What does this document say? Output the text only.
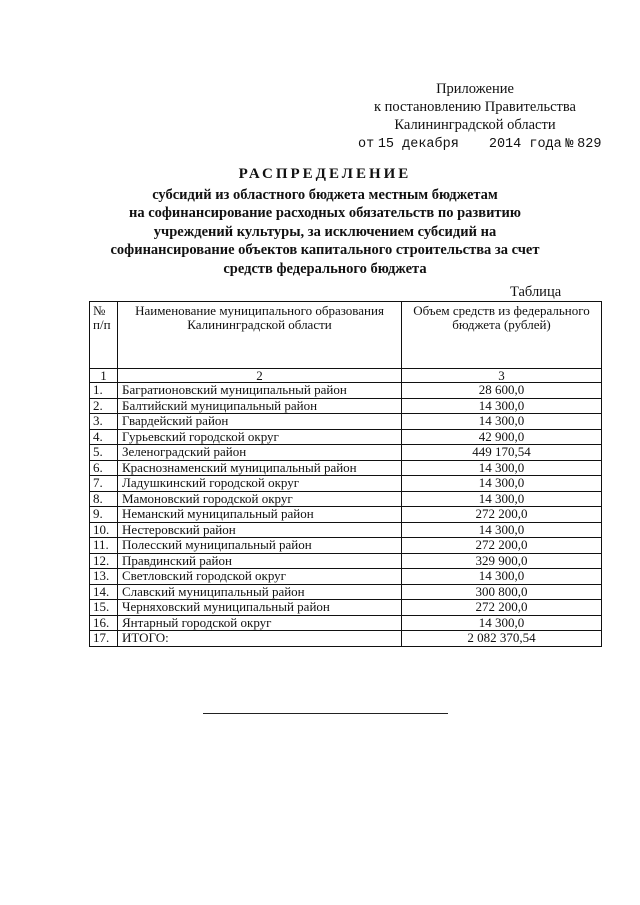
Приложение
к постановлению Правительства
Калининградской области
от 15 декабря 2014 года № 829
РАСПРЕДЕЛЕНИЕ
субсидий из областного бюджета местным бюджетам
на софинансирование расходных обязательств по развитию
учреждений культуры, за исключением субсидий на
софинансирование объектов капитального строительства за счет
средств федерального бюджета
Таблица
№ п/п	Наименование муниципального образования Калининградской области	Объем средств из федерального бюджета (рублей)
1	2	3
1.	Багратионовский муниципальный район	28 600,0
2.	Балтийский муниципальный район	14 300,0
3.	Гвардейский район	14 300,0
4.	Гурьевский городской округ	42 900,0
5.	Зеленоградский район	449 170,54
6.	Краснознаменский муниципальный район	14 300,0
7.	Ладушкинский городской округ	14 300,0
8.	Мамоновский городской округ	14 300,0
9.	Неманский муниципальный район	272 200,0
10.	Нестеровский район	14 300,0
11.	Полесский муниципальный район	272 200,0
12.	Правдинский район	329 900,0
13.	Светловский городской округ	14 300,0
14.	Славский муниципальный район	300 800,0
15.	Черняховский муниципальный район	272 200,0
16.	Янтарный городской округ	14 300,0
17.	ИТОГО:	2 082 370,54
